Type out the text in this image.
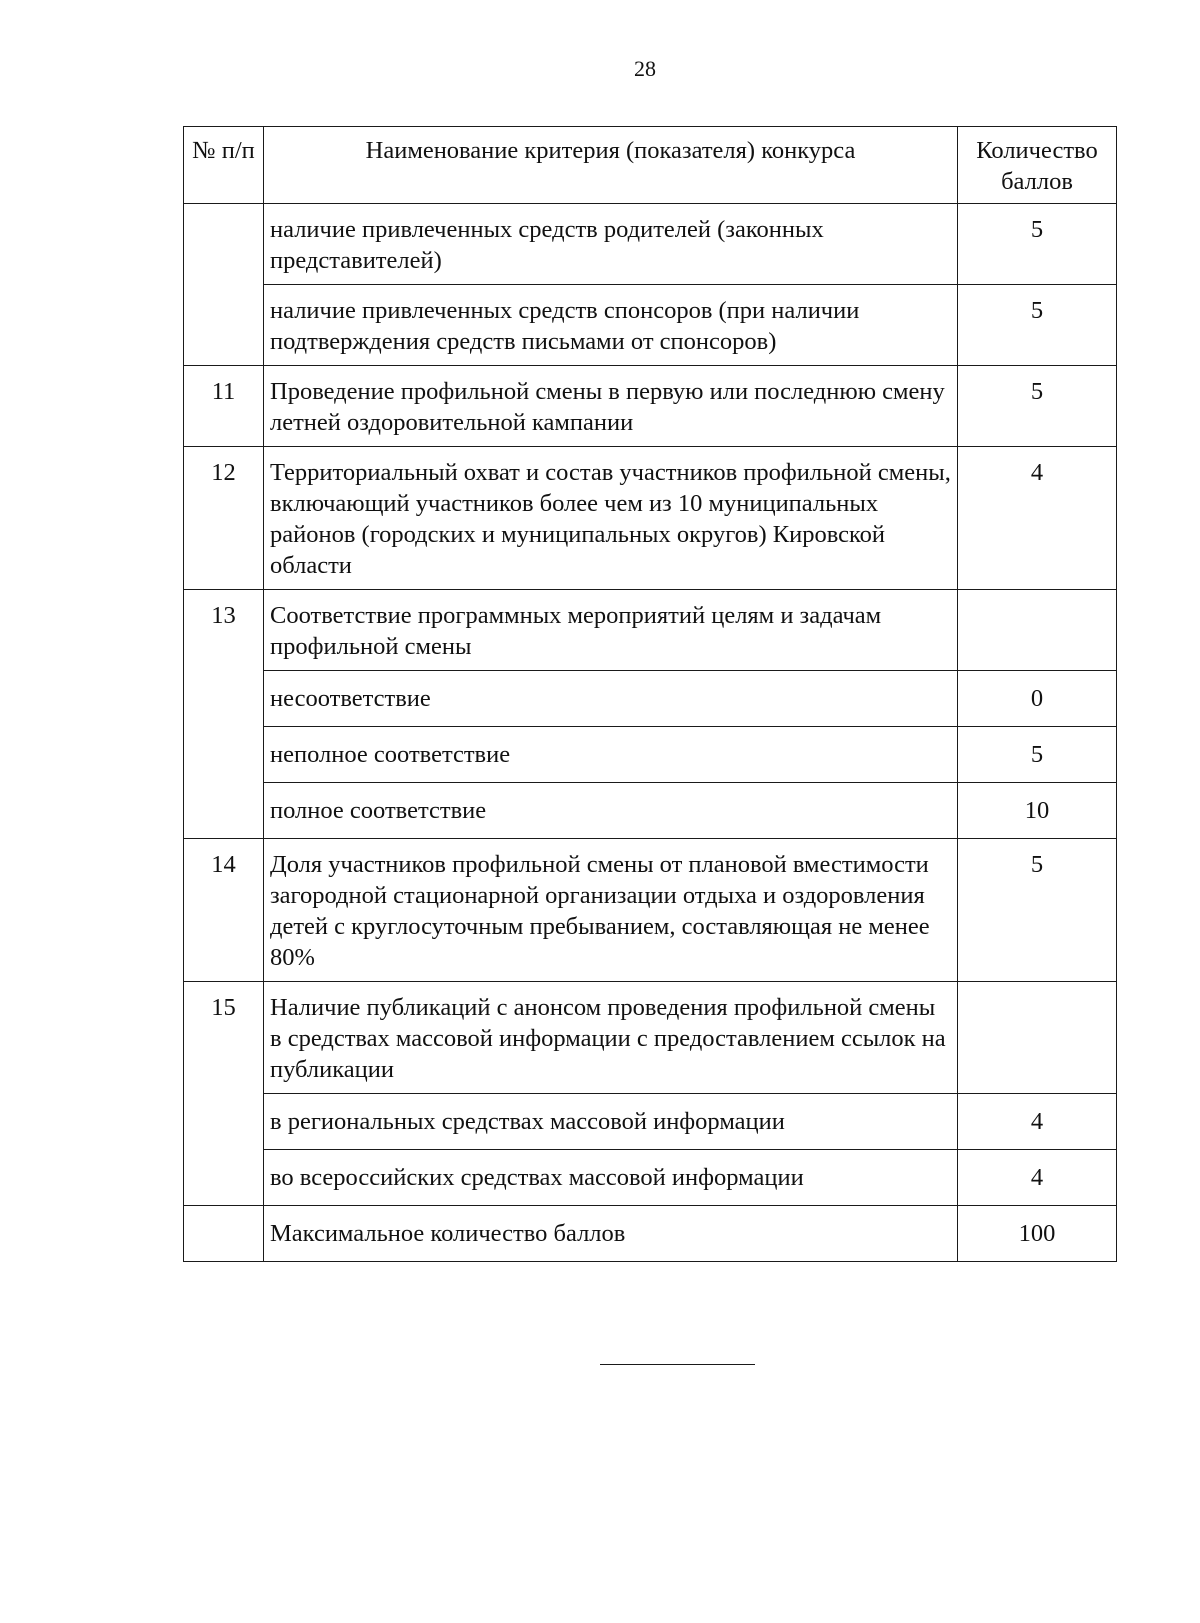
28
№ п/п	Наименование критерия (показателя) конкурса	Количество баллов
	наличие привлеченных средств родителей (законных представителей)	5
	наличие привлеченных средств спонсоров (при наличии подтверждения средств письмами от спонсоров)	5
11	Проведение профильной смены в первую или последнюю смену летней оздоровительной кампании	5
12	Территориальный охват и состав участников профильной смены, включающий участников более чем из 10 муниципальных районов (городских и муниципальных округов) Кировской области	4
13	Соответствие программных мероприятий целям и задачам профильной смены	
	несоответствие	0
	неполное соответствие	5
	полное соответствие	10
14	Доля участников профильной смены от плановой вместимости загородной стационарной организации отдыха и оздоровления детей с круглосуточным пребыванием, составляющая не менее 80%	5
15	Наличие публикаций с анонсом проведения профильной смены в средствах массовой информации с предоставлением ссылок на публикации	
	в региональных средствах массовой информации	4
	во всероссийских средствах массовой информации	4
	Максимальное количество баллов	100
